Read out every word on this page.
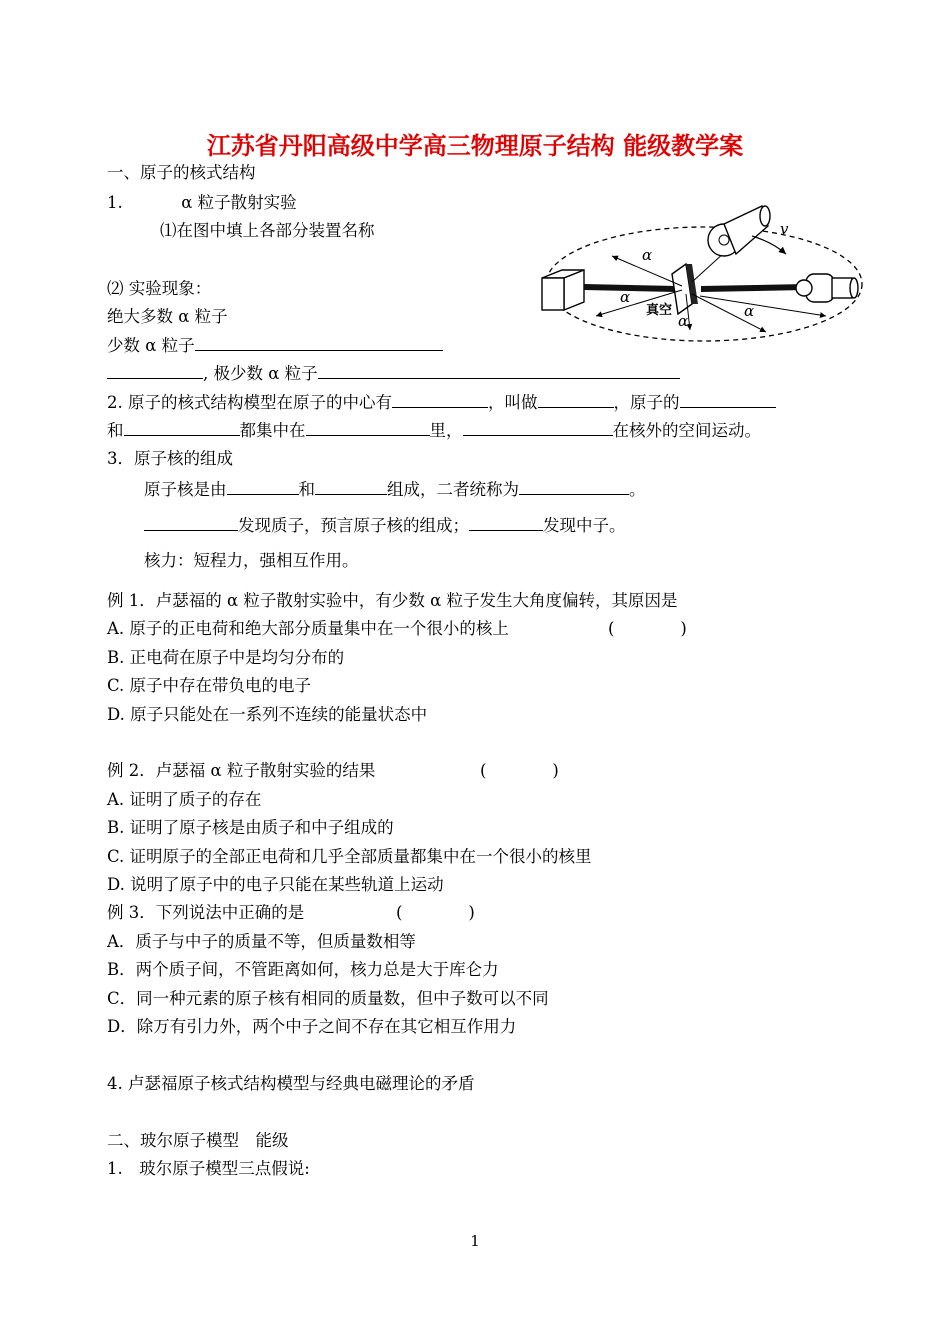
江苏省丹阳高级中学高三物理原子结构 能级教学案
一、原子的核式结构
1.	α 粒子散射实验
⑴在图中填上各部分装置名称
⑵ 实验现象：
绝大多数 α 粒子
少数 α 粒子
, 极少数 α 粒子
v
α
α
α
α
真空
2. 原子的核式结构模型在原子的中心有	，叫做	，原子的
和	都集中在	里，	在核外的空间运动。
3．原子核的组成
原子核是由	和	组成，二者统称为	。
发现质子，预言原子核的组成；	发现中子。
核力：短程力，强相互作用。
例 1．卢瑟福的 α 粒子散射实验中，有少数 α 粒子发生大角度偏转，其原因是
A. 原子的正电荷和绝大部分质量集中在一个很小的核上	(　　　　)
B. 正电荷在原子中是均匀分布的
C. 原子中存在带负电的电子
D. 原子只能处在一系列不连续的能量状态中
例 2．卢瑟福 α 粒子散射实验的结果	(　　　　)
A. 证明了质子的存在
B. 证明了原子核是由质子和中子组成的
C. 证明原子的全部正电荷和几乎全部质量都集中在一个很小的核里
D. 说明了原子中的电子只能在某些轨道上运动
例 3．下列说法中正确的是	(　　　　)
A．质子与中子的质量不等，但质量数相等
B．两个质子间，不管距离如何，核力总是大于库仑力
C．同一种元素的原子核有相同的质量数，但中子数可以不同
D．除万有引力外，两个中子之间不存在其它相互作用力
4. 卢瑟福原子核式结构模型与经典电磁理论的矛盾
二、玻尔原子模型　能级
1.　玻尔原子模型三点假说:
1
